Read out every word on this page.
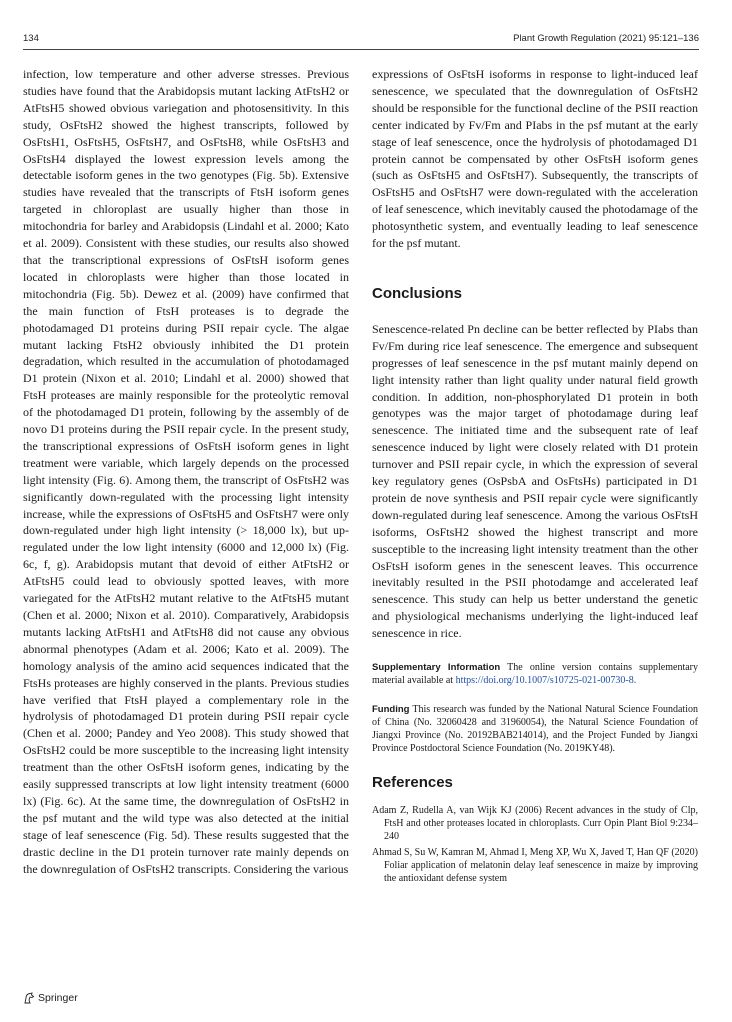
134	Plant Growth Regulation (2021) 95:121–136

infection, low temperature and other adverse stresses. Previous studies have found that the Arabidopsis mutant lacking AtFtsH2 or AtFtsH5 showed obvious variegation and photosensitivity. In this study, OsFtsH2 showed the highest transcripts, followed by OsFtsH1, OsFtsH5, OsFtsH7, and OsFtsH8, while OsFtsH3 and OsFtsH4 displayed the lowest expression levels among the detectable isoform genes in the two genotypes (Fig. 5b). Extensive studies have revealed that the transcripts of FtsH isoform genes targeted in chloroplast are usually higher than those in mitochondria for barley and Arabidopsis (Lindahl et al. 2000; Kato et al. 2009). Consistent with these studies, our results also showed that the transcriptional expressions of OsFtsH isoform genes located in chloroplasts were higher than those located in mitochondria (Fig. 5b). Dewez et al. (2009) have confirmed that the main function of FtsH proteases is to degrade the photodamaged D1 proteins during PSII repair cycle. The algae mutant lacking FtsH2 obviously inhibited the D1 protein degradation, which resulted in the accumulation of photodamaged D1 protein (Nixon et al. 2010; Lindahl et al. 2000) showed that FtsH proteases are mainly responsible for the proteolytic removal of the photodamaged D1 protein, following by the assembly of de novo D1 proteins during the PSII repair cycle. In the present study, the transcriptional expressions of OsFtsH isoform genes in light treatment were variable, which largely depends on the processed light intensity (Fig. 6). Among them, the transcript of OsFtsH2 was significantly down-regulated with the processing light intensity increase, while the expressions of OsFtsH5 and OsFtsH7 were only down-regulated under high light intensity (> 18,000 lx), but up-regulated under the low light intensity (6000 and 12,000 lx) (Fig. 6c, f, g). Arabidopsis mutant that devoid of either AtFtsH2 or AtFtsH5 could lead to obviously spotted leaves, with more variegated for the AtFtsH2 mutant relative to the AtFtsH5 mutant (Chen et al. 2000; Nixon et al. 2010). Comparatively, Arabidopsis mutants lacking AtFtsH1 and AtFtsH8 did not cause any obvious abnormal phenotypes (Adam et al. 2006; Kato et al. 2009). The homology analysis of the amino acid sequences indicated that the FtsHs proteases are highly conserved in the plants. Previous studies have verified that FtsH played a complementary role in the hydrolysis of photodamaged D1 protein during PSII repair cycle (Chen et al. 2000; Pandey and Yeo 2008). This study showed that OsFtsH2 could be more susceptible to the increasing light intensity treatment than the other OsFtsH isoform genes, indicating by the easily suppressed transcripts at low light intensity treatment (6000 lx) (Fig. 6c). At the same time, the downregulation of OsFtsH2 in the psf mutant and the wild type was also detected at the initial stage of leaf senescence (Fig. 5d). These results suggested that the drastic decline in the D1 protein turnover rate mainly depends on the downregulation of OsFtsH2 transcripts. Considering the various

expressions of OsFtsH isoforms in response to light-induced leaf senescence, we speculated that the downregulation of OsFtsH2 should be responsible for the functional decline of the PSII reaction center indicated by Fv/Fm and PIabs in the psf mutant at the early stage of leaf senescence, once the hydrolysis of photodamaged D1 protein cannot be compensated by other OsFtsH isoform genes (such as OsFtsH5 and OsFtsH7). Subsequently, the transcripts of OsFtsH5 and OsFtsH7 were down-regulated with the acceleration of leaf senescence, which inevitably caused the photodamage of the photosynthetic system, and eventually leading to leaf senescence for the psf mutant.

Conclusions

Senescence-related Pn decline can be better reflected by PIabs than Fv/Fm during rice leaf senescence. The emergence and subsequent progresses of leaf senescence in the psf mutant mainly depend on light intensity rather than light quality under natural field growth condition. In addition, non-phosphorylated D1 protein in both genotypes was the major target of photodamage during leaf senescence. The initiated time and the subsequent rate of leaf senescence induced by light were closely related with D1 protein turnover and PSII repair cycle, in which the expression of several key regulatory genes (OsPsbA and OsFtsHs) participated in D1 protein de nove synthesis and PSII repair cycle were significantly down-regulated during leaf senescence. Among the various OsFtsH isoforms, OsFtsH2 showed the highest transcript and more susceptible to the increasing light intensity treatment than the other OsFtsH isoform genes in the senescent leaves. This occurrence inevitably resulted in the PSII photodamge and accelerated leaf senescence. This study can help us better understand the genetic and physiological mechanisms underlying the light-induced leaf senescence in rice.

Supplementary Information The online version contains supplementary material available at https://doi.org/10.1007/s10725-021-00730-8.

Funding This research was funded by the National Natural Science Foundation of China (No. 32060428 and 31960054), the Natural Science Foundation of Jiangxi Province (No. 20192BAB214014), and the Project Funded by Jiangxi Province Postdoctoral Science Foundation (No. 2019KY48).

References

Adam Z, Rudella A, van Wijk KJ (2006) Recent advances in the study of Clp, FtsH and other proteases located in chloroplasts. Curr Opin Plant Biol 9:234–240

Ahmad S, Su W, Kamran M, Ahmad I, Meng XP, Wu X, Javed T, Han QF (2020) Foliar application of melatonin delay leaf senescence in maize by improving the antioxidant defense system

Springer
